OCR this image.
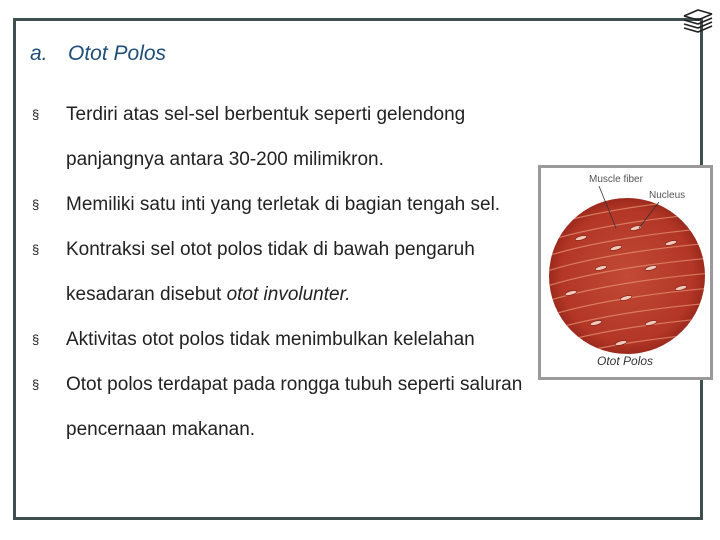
a. Otot Polos
§ Terdiri atas sel-sel berbentuk seperti gelendong panjangnya antara 30-200 milimikron.
§ Memiliki satu inti yang terletak di bagian tengah sel.
§ Kontraksi sel otot polos tidak di bawah pengaruh kesadaran disebut otot involunter.
§ Aktivitas otot polos tidak menimbulkan kelelahan
§ Otot polos terdapat pada rongga tubuh seperti saluran pencernaan makanan.
Muscle fiber
Nucleus
Otot Polos
